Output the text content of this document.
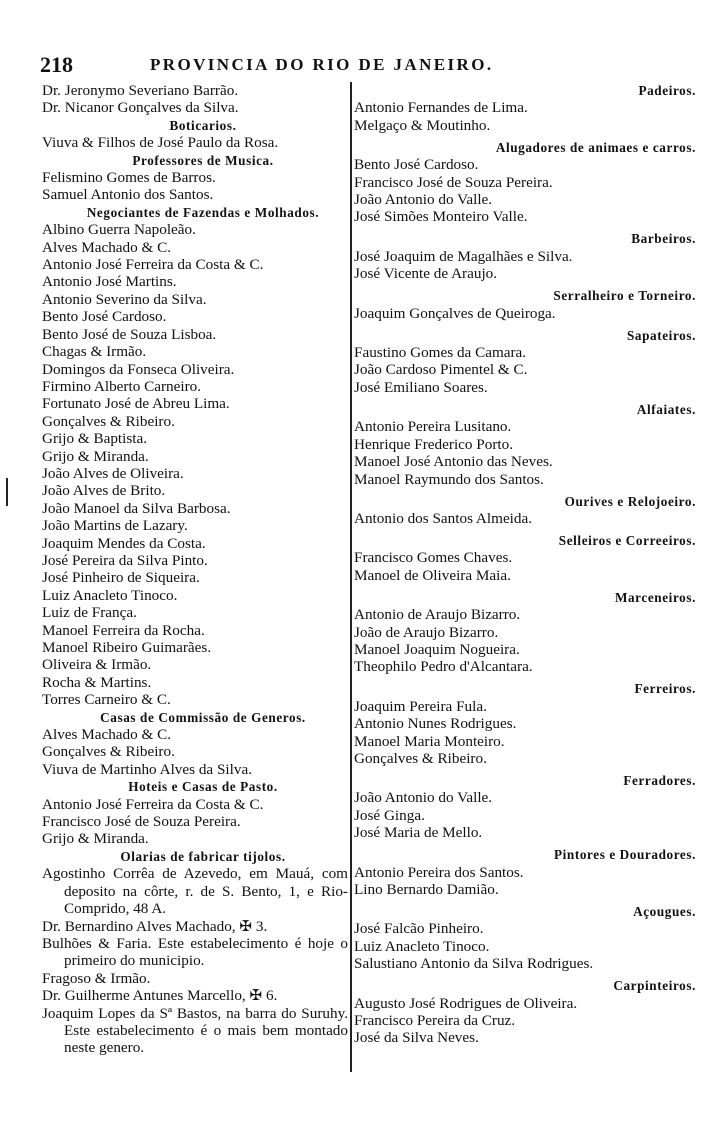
218	PROVINCIA DO RIO DE JANEIRO.
Dr. Jeronymo Severiano Barrão.
Dr. Nicanor Gonçalves da Silva.
Boticarios.
Viuva & Filhos de José Paulo da Rosa.
Professores de Musica.
Felismino Gomes de Barros.
Samuel Antonio dos Santos.
Negociantes de Fazendas e Molhados.
Albino Guerra Napoleão.
Alves Machado & C.
Antonio José Ferreira da Costa & C.
Antonio José Martins.
Antonio Severino da Silva.
Bento José Cardoso.
Bento José de Souza Lisboa.
Chagas & Irmão.
Domingos da Fonseca Oliveira.
Firmino Alberto Carneiro.
Fortunato José de Abreu Lima.
Gonçalves & Ribeiro.
Grijo & Baptista.
Grijo & Miranda.
João Alves de Oliveira.
João Alves de Brito.
João Manoel da Silva Barbosa.
João Martins de Lazary.
Joaquim Mendes da Costa.
José Pereira da Silva Pinto.
José Pinheiro de Siqueira.
Luiz Anacleto Tinoco.
Luiz de França.
Manoel Ferreira da Rocha.
Manoel Ribeiro Guimarães.
Oliveira & Irmão.
Rocha & Martins.
Torres Carneiro & C.
Casas de Commissão de Generos.
Alves Machado & C.
Gonçalves & Ribeiro.
Viuva de Martinho Alves da Silva.
Hoteis e Casas de Pasto.
Antonio José Ferreira da Costa & C.
Francisco José de Souza Pereira.
Grijo & Miranda.
Olarias de fabricar tijolos.
Agostinho Corrêa de Azevedo, em Mauá, com deposito na côrte, r. de S. Bento, 1, e Rio-Comprido, 48 A.
Dr. Bernardino Alves Machado, ✠ 3.
Bulhões & Faria. Este estabelecimento é hoje o primeiro do municipio.
Fragoso & Irmão.
Dr. Guilherme Antunes Marcello, ✠ 6.
Joaquim Lopes da Sª Bastos, na barra do Suruhy. Este estabelecimento é o mais bem montado neste genero.
Padeiros.
Antonio Fernandes de Lima.
Melgaço & Moutinho.
Alugadores de animaes e carros.
Bento José Cardoso.
Francisco José de Souza Pereira.
João Antonio do Valle.
José Simões Monteiro Valle.
Barbeiros.
José Joaquim de Magalhães e Silva.
José Vicente de Araujo.
Serralheiro e Torneiro.
Joaquim Gonçalves de Queiroga.
Sapateiros.
Faustino Gomes da Camara.
João Cardoso Pimentel & C.
José Emiliano Soares.
Alfaiates.
Antonio Pereira Lusitano.
Henrique Frederico Porto.
Manoel José Antonio das Neves.
Manoel Raymundo dos Santos.
Ourives e Relojoeiro.
Antonio dos Santos Almeida.
Selleiros e Correeiros.
Francisco Gomes Chaves.
Manoel de Oliveira Maia.
Marceneiros.
Antonio de Araujo Bizarro.
João de Araujo Bizarro.
Manoel Joaquim Nogueira.
Theophilo Pedro d'Alcantara.
Ferreiros.
Joaquim Pereira Fula.
Antonio Nunes Rodrigues.
Manoel Maria Monteiro.
Gonçalves & Ribeiro.
Ferradores.
João Antonio do Valle.
José Ginga.
José Maria de Mello.
Pintores e Douradores.
Antonio Pereira dos Santos.
Lino Bernardo Damião.
Açougues.
José Falcão Pinheiro.
Luiz Anacleto Tinoco.
Salustiano Antonio da Silva Rodrigues.
Carpinteiros.
Augusto José Rodrigues de Oliveira.
Francisco Pereira da Cruz.
José da Silva Neves.
